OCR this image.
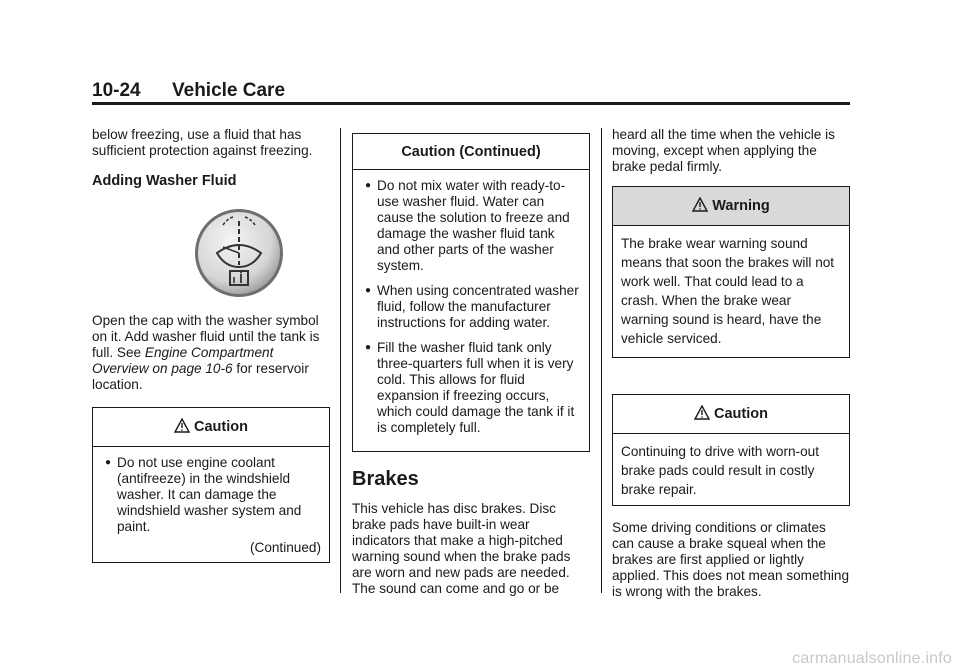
10-24 Vehicle Care

below freezing, use a fluid that has sufficient protection against freezing.

Adding Washer Fluid

Open the cap with the washer symbol on it. Add washer fluid until the tank is full. See Engine Compartment Overview on page 10-6 for reservoir location.

Caution
● Do not use engine coolant (antifreeze) in the windshield washer. It can damage the windshield washer system and paint.
(Continued)
Caution (Continued)
● Do not mix water with ready-to-use washer fluid. Water can cause the solution to freeze and damage the washer fluid tank and other parts of the washer system.
● When using concentrated washer fluid, follow the manufacturer instructions for adding water.
● Fill the washer fluid tank only three-quarters full when it is very cold. This allows for fluid expansion if freezing occurs, which could damage the tank if it is completely full.
Brakes

This vehicle has disc brakes. Disc brake pads have built-in wear indicators that make a high-pitched warning sound when the brake pads are worn and new pads are needed. The sound can come and go or be

heard all the time when the vehicle is moving, except when applying the brake pedal firmly.

Warning

The brake wear warning sound means that soon the brakes will not work well. That could lead to a crash. When the brake wear warning sound is heard, have the vehicle serviced.

Caution

Continuing to drive with worn-out brake pads could result in costly brake repair.

Some driving conditions or climates can cause a brake squeal when the brakes are first applied or lightly applied. This does not mean something is wrong with the brakes.

carmanualsonline.info
